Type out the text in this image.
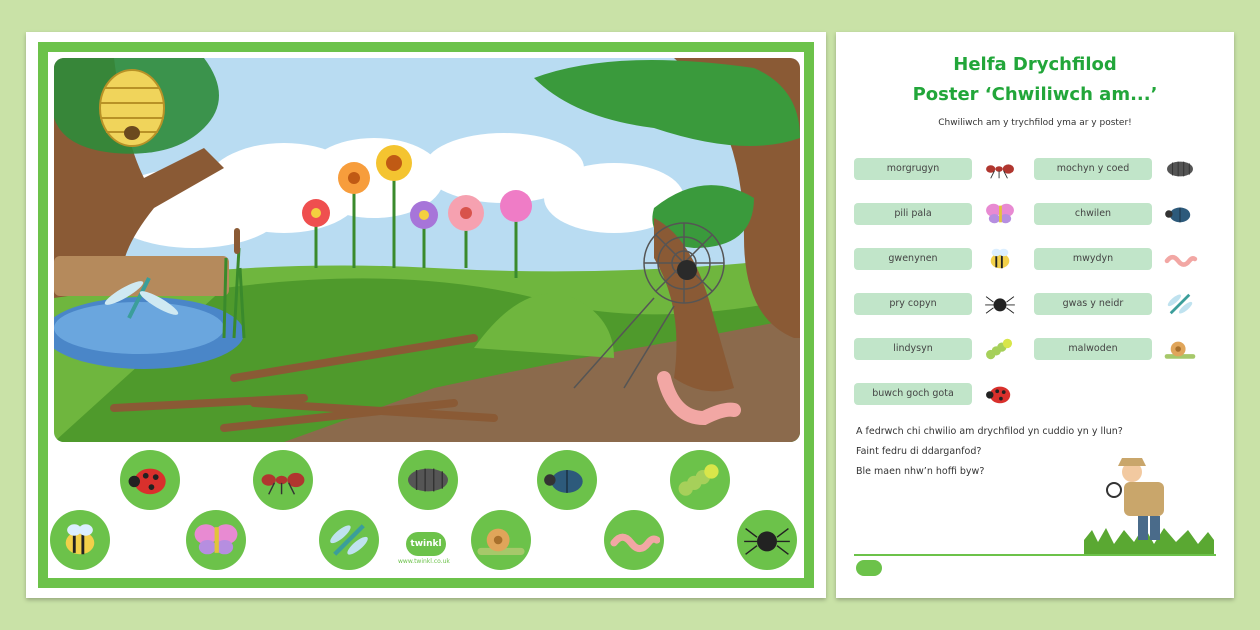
twinkl
www.twinkl.co.uk
Helfa Drychfilod
Poster ‘Chwiliwch am...’
Chwiliwch am y trychfilod yma ar y poster!
morgrugyn	mochyn y coed
pili pala	chwilen
gwenynen	mwydyn
pry copyn	gwas y neidr
lindysyn	malwoden
buwch goch gota
A fedrwch chi chwilio am drychfilod yn cuddio yn y llun?
Faint fedru di ddarganfod?
Ble maen nhw’n hoffi byw?
